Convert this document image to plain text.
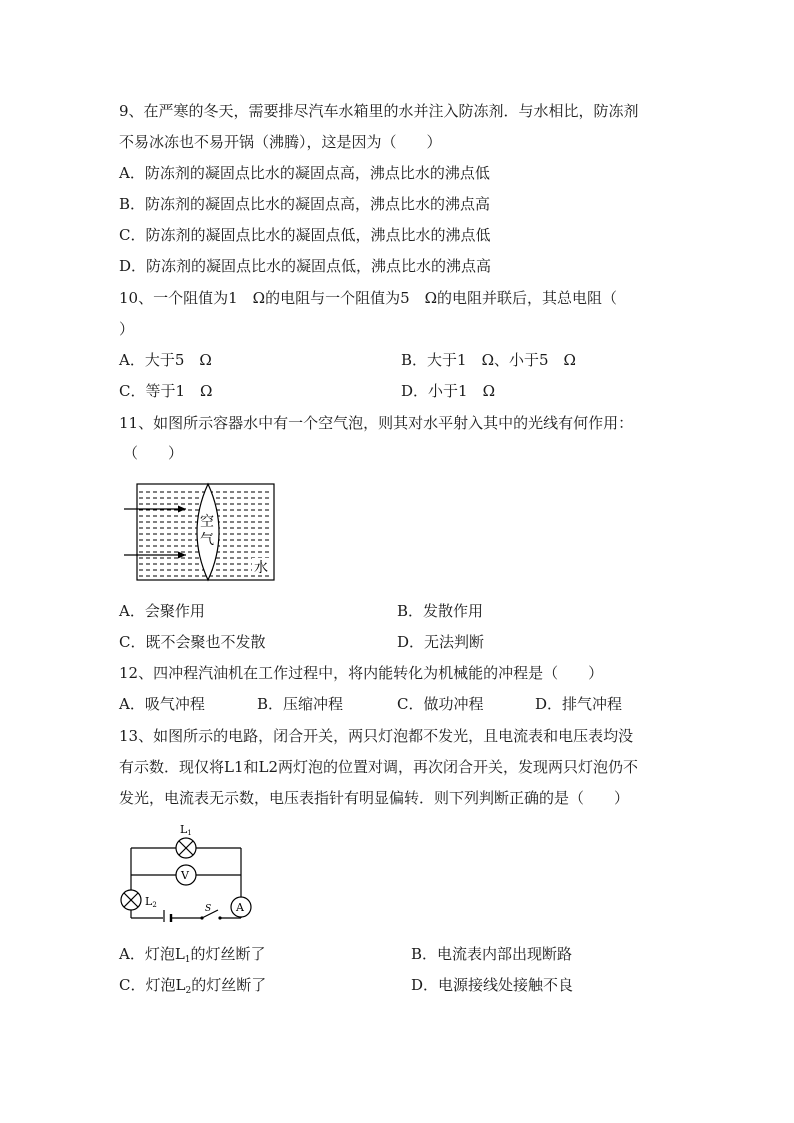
9、在严寒的冬天，需要排尽汽车水箱里的水并注入防冻剂．与水相比，防冻剂
不易冰冻也不易开锅（沸腾），这是因为（　　）
A．防冻剂的凝固点比水的凝固点高，沸点比水的沸点低
B．防冻剂的凝固点比水的凝固点高，沸点比水的沸点高
C．防冻剂的凝固点比水的凝固点低，沸点比水的沸点低
D．防冻剂的凝固点比水的凝固点低，沸点比水的沸点高
10、一个阻值为1　Ω的电阻与一个阻值为5　Ω的电阻并联后，其总电阻（
）
A．大于5　Ω	B．大于1　Ω、小于5　Ω
C．等于1　Ω	D．小于1　Ω
11、如图所示容器水中有一个空气泡，则其对水平射入其中的光线有何作用：
（　　）
空
气
水
A．会聚作用	B．发散作用
C．既不会聚也不发散	D．无法判断
12、四冲程汽油机在工作过程中，将内能转化为机械能的冲程是（　　）
A．吸气冲程	B．压缩冲程	C．做功冲程	D．排气冲程
13、如图所示的电路，闭合开关，两只灯泡都不发光，且电流表和电压表均没
有示数．现仅将L1和L2两灯泡的位置对调，再次闭合开关，发现两只灯泡仍不
发光，电流表无示数，电压表指针有明显偏转．则下列判断正确的是（　　）
S
L1
V
L2	A
A．灯泡$L_1$的灯丝断了	B．电流表内部出现断路
C．灯泡$L_2$的灯丝断了	D．电源接线处接触不良
